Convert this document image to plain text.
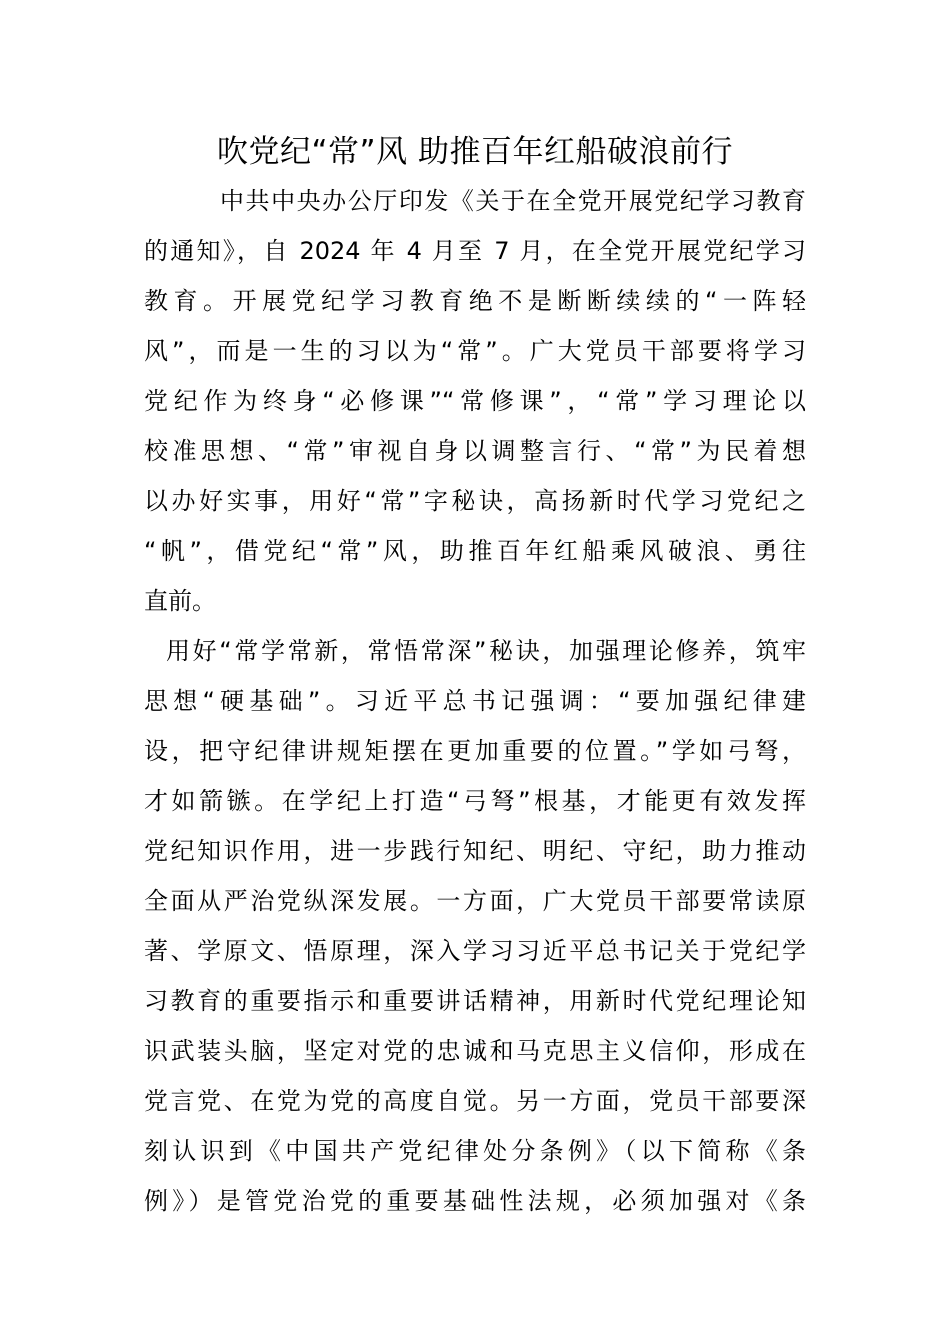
吹党纪“常”风 助推百年红船破浪前行
中共中央办公厅印发《关于在全党开展党纪学习教育
的通知》，自 2024 年 4 月至 7 月，在全党开展党纪学习
教育。开展党纪学习教育绝不是断断续续的“一阵轻
风”，而是一生的习以为“常”。广大党员干部要将学习
党纪作为终身“必修课”“常修课”，“常”学习理论以
校准思想、“常”审视自身以调整言行、“常”为民着想
以办好实事，用好“常”字秘诀，高扬新时代学习党纪之
“帆”，借党纪“常”风，助推百年红船乘风破浪、勇往
直前。
用好“常学常新，常悟常深”秘诀，加强理论修养，筑牢
思想“硬基础”。习近平总书记强调：“要加强纪律建
设，把守纪律讲规矩摆在更加重要的位置。”学如弓弩，
才如箭镞。在学纪上打造“弓弩”根基，才能更有效发挥
党纪知识作用，进一步践行知纪、明纪、守纪，助力推动
全面从严治党纵深发展。一方面，广大党员干部要常读原
著、学原文、悟原理，深入学习习近平总书记关于党纪学
习教育的重要指示和重要讲话精神，用新时代党纪理论知
识武装头脑，坚定对党的忠诚和马克思主义信仰，形成在
党言党、在党为党的高度自觉。另一方面，党员干部要深
刻认识到《中国共产党纪律处分条例》（以下简称《条
例》）是管党治党的重要基础性法规，必须加强对《条
